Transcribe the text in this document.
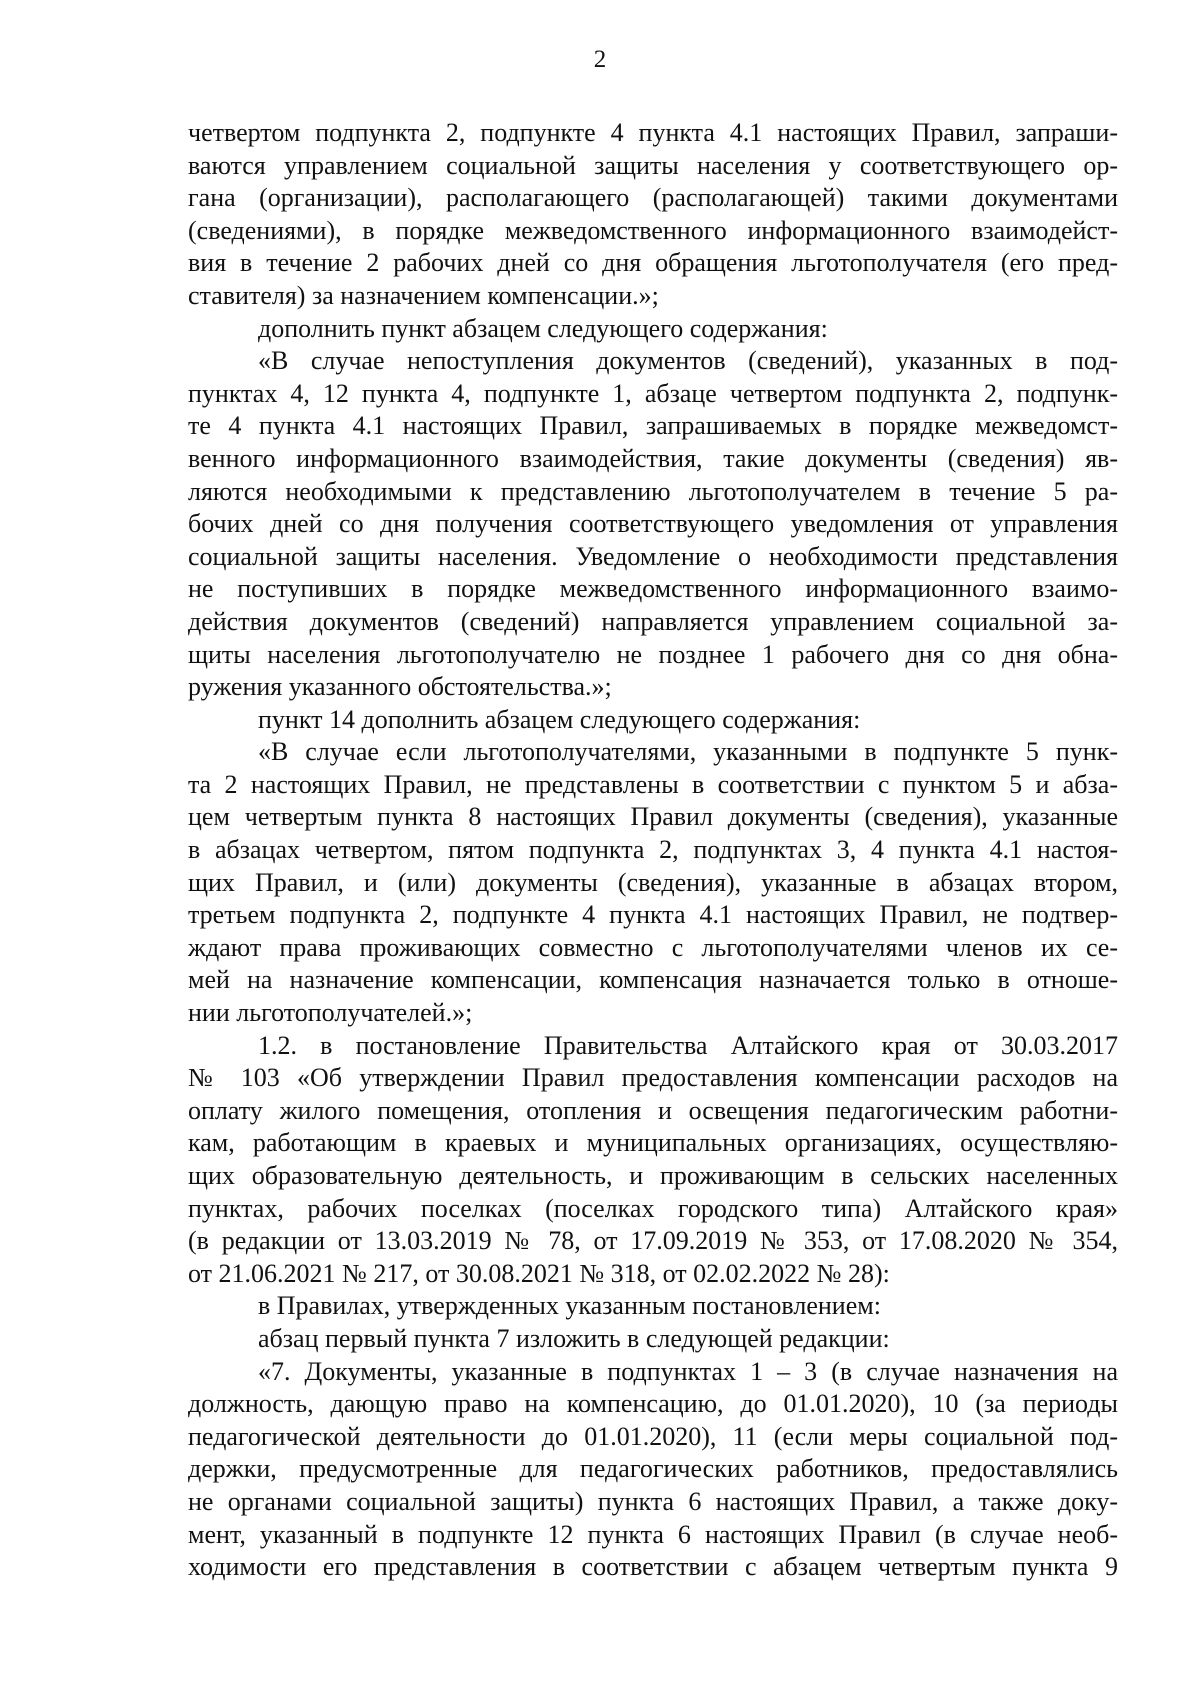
2
четвертом подпункта 2, подпункте 4 пункта 4.1 настоящих Правил, запраши-
ваются управлением социальной защиты населения у соответствующего ор-
гана (организации), располагающего (располагающей) такими документами
(сведениями), в порядке межведомственного информационного взаимодейст-
вия в течение 2 рабочих дней со дня обращения льготополучателя (его пред-
ставителя) за назначением компенсации.»;
дополнить пункт абзацем следующего содержания:
«В случае непоступления документов (сведений), указанных в под-
пунктах 4, 12 пункта 4, подпункте 1, абзаце четвертом подпункта 2, подпунк-
те 4 пункта 4.1 настоящих Правил, запрашиваемых в порядке межведомст-
венного информационного взаимодействия, такие документы (сведения) яв-
ляются необходимыми к представлению льготополучателем в течение 5 ра-
бочих дней со дня получения соответствующего уведомления от управления
социальной защиты населения. Уведомление о необходимости представления
не поступивших в порядке межведомственного информационного взаимо-
действия документов (сведений) направляется управлением социальной за-
щиты населения льготополучателю не позднее 1 рабочего дня со дня обна-
ружения указанного обстоятельства.»;
пункт 14 дополнить абзацем следующего содержания:
«В случае если льготополучателями, указанными в подпункте 5 пунк-
та 2 настоящих Правил, не представлены в соответствии с пунктом 5 и абза-
цем четвертым пункта 8 настоящих Правил документы (сведения), указанные
в абзацах четвертом, пятом подпункта 2, подпунктах 3, 4 пункта 4.1 настоя-
щих Правил, и (или) документы (сведения), указанные в абзацах втором,
третьем подпункта 2, подпункте 4 пункта 4.1 настоящих Правил, не подтвер-
ждают права проживающих совместно с льготополучателями членов их се-
мей на назначение компенсации, компенсация назначается только в отноше-
нии льготополучателей.»;
1.2. в постановление Правительства Алтайского края от 30.03.2017
№ 103 «Об утверждении Правил предоставления компенсации расходов на
оплату жилого помещения, отопления и освещения педагогическим работни-
кам, работающим в краевых и муниципальных организациях, осуществляю-
щих образовательную деятельность, и проживающим в сельских населенных
пунктах, рабочих поселках (поселках городского типа) Алтайского края»
(в редакции от 13.03.2019 № 78, от 17.09.2019 № 353, от 17.08.2020 № 354,
от 21.06.2021 № 217, от 30.08.2021 № 318, от 02.02.2022 № 28):
в Правилах, утвержденных указанным постановлением:
абзац первый пункта 7 изложить в следующей редакции:
«7. Документы, указанные в подпунктах 1 – 3 (в случае назначения на
должность, дающую право на компенсацию, до 01.01.2020), 10 (за периоды
педагогической деятельности до 01.01.2020), 11 (если меры социальной под-
держки, предусмотренные для педагогических работников, предоставлялись
не органами социальной защиты) пункта 6 настоящих Правил, а также доку-
мент, указанный в подпункте 12 пункта 6 настоящих Правил (в случае необ-
ходимости его представления в соответствии с абзацем четвертым пункта 9
